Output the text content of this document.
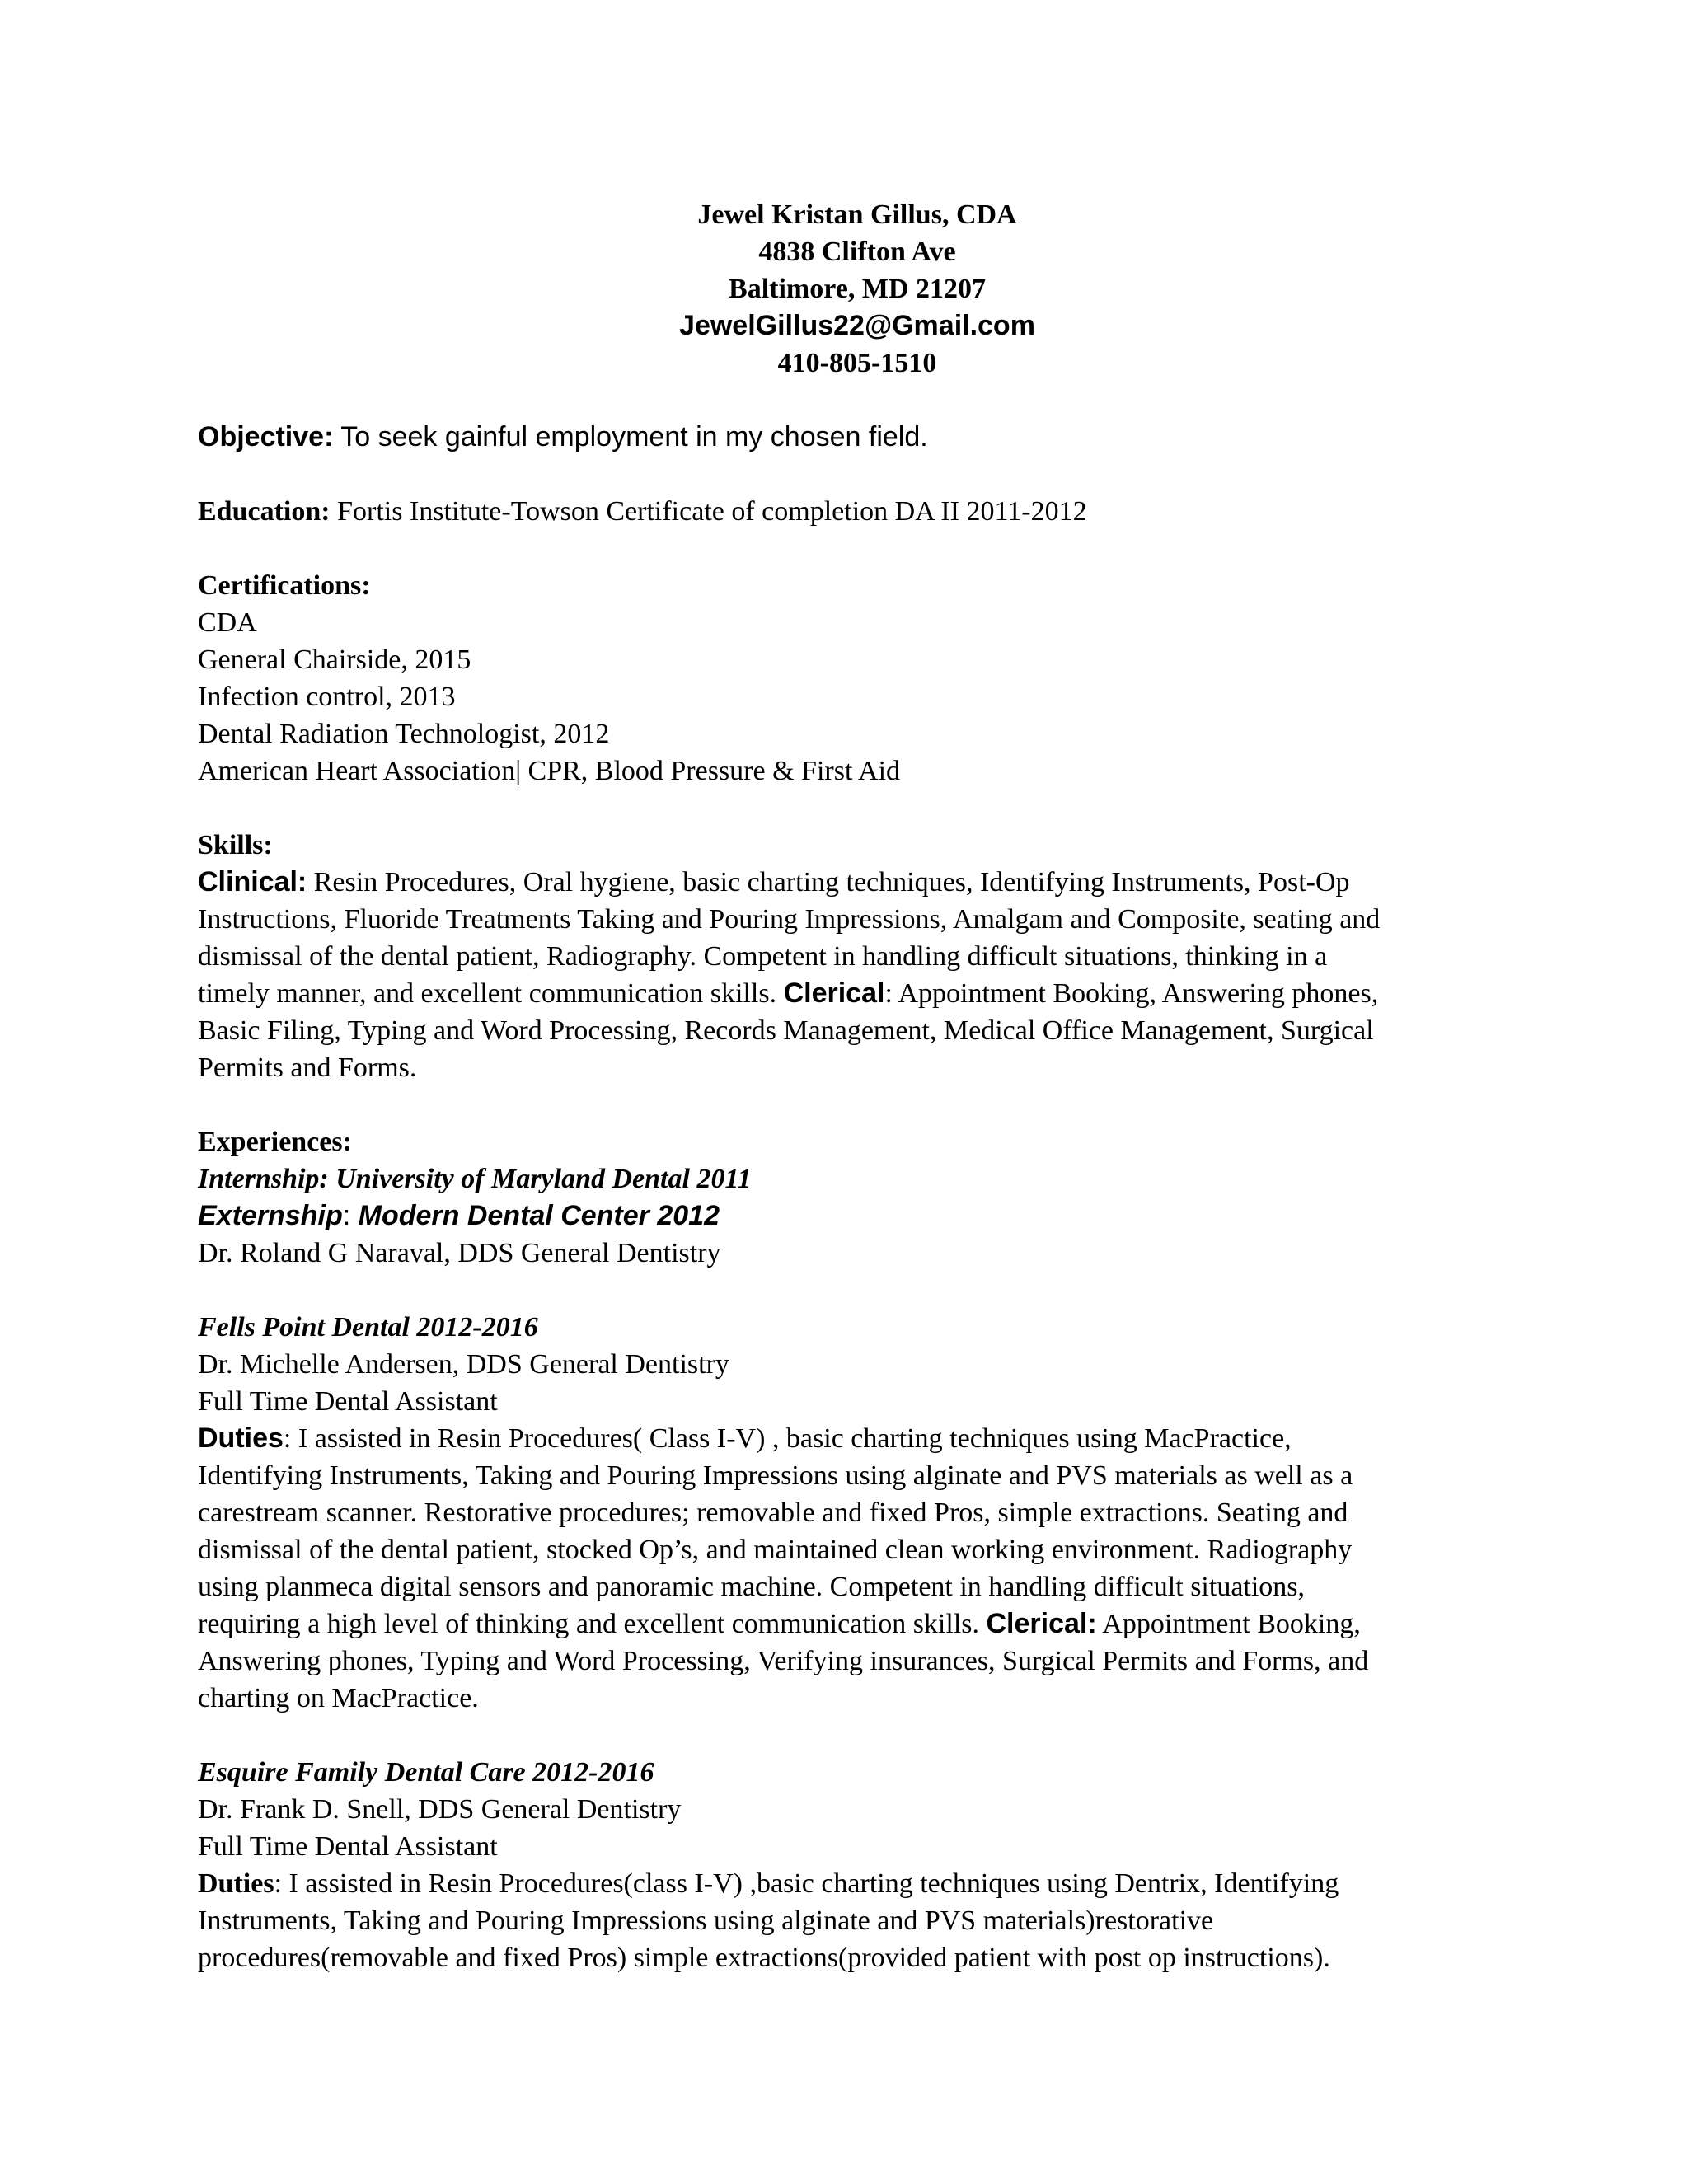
Jewel Kristan Gillus, CDA
4838 Clifton Ave
Baltimore, MD 21207
JewelGillus22@Gmail.com
410-805-1510
Objective: To seek gainful employment in my chosen field.
Education: Fortis Institute-Towson Certificate of completion DA II 2011-2012
Certifications:
CDA
General Chairside, 2015
Infection control, 2013
Dental Radiation Technologist, 2012
American Heart Association| CPR, Blood Pressure & First Aid
Skills:
Clinical: Resin Procedures, Oral hygiene, basic charting techniques, Identifying Instruments, Post-Op
Instructions, Fluoride Treatments Taking and Pouring Impressions, Amalgam and Composite, seating and
dismissal of the dental patient, Radiography. Competent in handling difficult situations, thinking in a
timely manner, and excellent communication skills. Clerical: Appointment Booking, Answering phones,
Basic Filing, Typing and Word Processing, Records Management, Medical Office Management, Surgical
Permits and Forms.
Experiences:
Internship: University of Maryland Dental 2011
Externship: Modern Dental Center 2012
Dr. Roland G Naraval, DDS General Dentistry
Fells Point Dental 2012-2016
Dr. Michelle Andersen, DDS General Dentistry
Full Time Dental Assistant
Duties: I assisted in Resin Procedures( Class I-V) , basic charting techniques using MacPractice,
Identifying Instruments, Taking and Pouring Impressions using alginate and PVS materials as well as a
carestream scanner. Restorative procedures; removable and fixed Pros, simple extractions. Seating and
dismissal of the dental patient, stocked Op’s, and maintained clean working environment. Radiography
using planmeca digital sensors and panoramic machine. Competent in handling difficult situations,
requiring a high level of thinking and excellent communication skills. Clerical: Appointment Booking,
Answering phones, Typing and Word Processing, Verifying insurances, Surgical Permits and Forms, and
charting on MacPractice.
Esquire Family Dental Care 2012-2016
Dr. Frank D. Snell, DDS General Dentistry
Full Time Dental Assistant
Duties: I assisted in Resin Procedures(class I-V) ,basic charting techniques using Dentrix, Identifying
Instruments, Taking and Pouring Impressions using alginate and PVS materials)restorative
procedures(removable and fixed Pros) simple extractions(provided patient with post op instructions).
